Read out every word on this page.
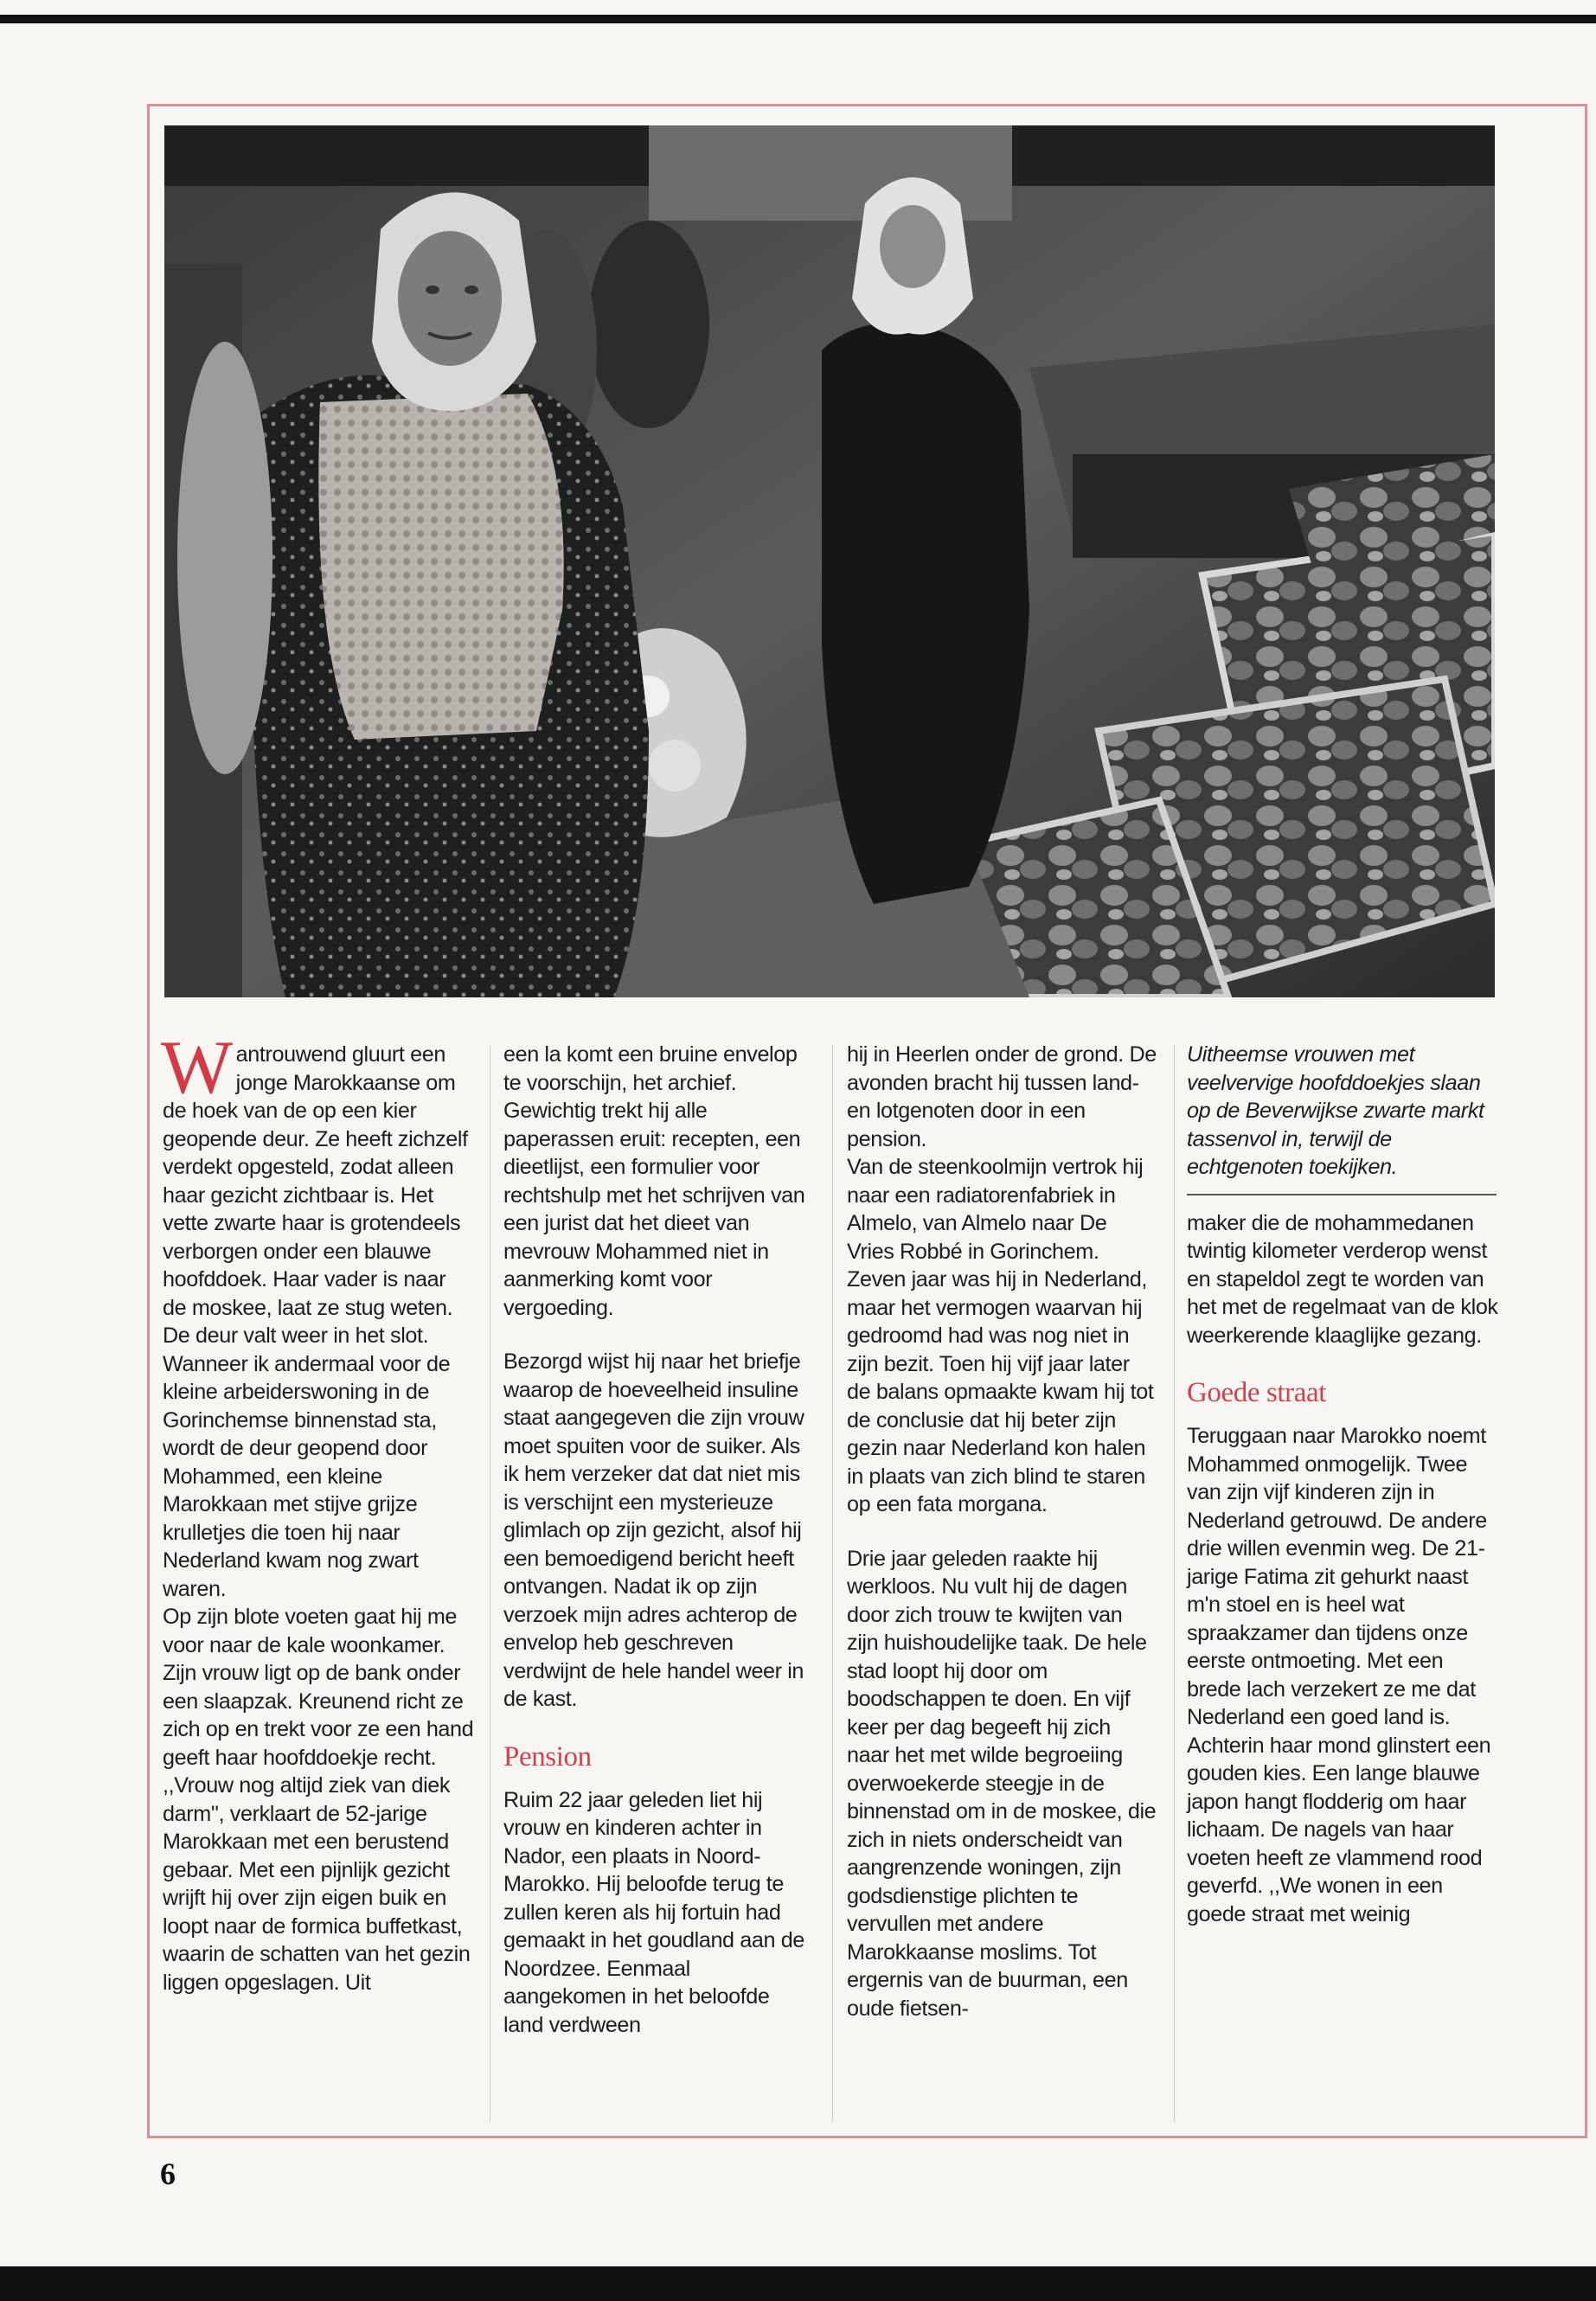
Wantrouwend gluurt een jonge Marokkaanse om de hoek van de op een kier geopende deur. Ze heeft zichzelf verdekt opgesteld, zodat alleen haar gezicht zichtbaar is. Het vette zwarte haar is grotendeels verborgen onder een blauwe hoofddoek. Haar vader is naar de moskee, laat ze stug weten. De deur valt weer in het slot.

Wanneer ik andermaal voor de kleine arbeiderswoning in de Gorinchemse binnenstad sta, wordt de deur geopend door Mohammed, een kleine Marokkaan met stijve grijze krulletjes die toen hij naar Nederland kwam nog zwart waren.

Op zijn blote voeten gaat hij me voor naar de kale woonkamer. Zijn vrouw ligt op de bank onder een slaapzak. Kreunend richt ze zich op en trekt voor ze een hand geeft haar hoofddoekje recht.

,,Vrouw nog altijd ziek van diek darm'', verklaart de 52-jarige Marokkaan met een berustend gebaar. Met een pijnlijk gezicht wrijft hij over zijn eigen buik en loopt naar de formica buffetkast, waarin de schatten van het gezin liggen opgeslagen. Uit

een la komt een bruine envelop te voorschijn, het archief. Gewichtig trekt hij alle paperassen eruit: recepten, een dieetlijst, een formulier voor rechtshulp met het schrijven van een jurist dat het dieet van mevrouw Mohammed niet in aanmerking komt voor vergoeding.

Bezorgd wijst hij naar het briefje waarop de hoeveelheid insuline staat aangegeven die zijn vrouw moet spuiten voor de suiker. Als ik hem verzeker dat dat niet mis is verschijnt een mysterieuze glimlach op zijn gezicht, alsof hij een bemoedigend bericht heeft ontvangen. Nadat ik op zijn verzoek mijn adres achterop de envelop heb geschreven verdwijnt de hele handel weer in de kast.

Pension

Ruim 22 jaar geleden liet hij vrouw en kinderen achter in Nador, een plaats in Noord-Marokko. Hij beloofde terug te zullen keren als hij fortuin had gemaakt in het goudland aan de Noordzee. Eenmaal aangekomen in het beloofde land verdween

hij in Heerlen onder de grond. De avonden bracht hij tussen land- en lotgenoten door in een pension.

Van de steenkoolmijn vertrok hij naar een radiatorenfabriek in Almelo, van Almelo naar De Vries Robbé in Gorinchem. Zeven jaar was hij in Nederland, maar het vermogen waarvan hij gedroomd had was nog niet in zijn bezit. Toen hij vijf jaar later de balans opmaakte kwam hij tot de conclusie dat hij beter zijn gezin naar Nederland kon halen in plaats van zich blind te staren op een fata morgana.

Drie jaar geleden raakte hij werkloos. Nu vult hij de dagen door zich trouw te kwijten van zijn huishoudelijke taak. De hele stad loopt hij door om boodschappen te doen. En vijf keer per dag begeeft hij zich naar het met wilde begroeiing overwoekerde steegje in de binnenstad om in de moskee, die zich in niets onderscheidt van aangrenzende woningen, zijn godsdienstige plichten te vervullen met andere Marokkaanse moslims. Tot ergernis van de buurman, een oude fietsen-

Uitheemse vrouwen met veelvervige hoofddoekjes slaan op de Beverwijkse zwarte markt tassenvol in, terwijl de echtgenoten toekijken.

maker die de mohammedanen twintig kilometer verderop wenst en stapeldol zegt te worden van het met de regelmaat van de klok weerkerende klaaglijke gezang.

Goede straat

Teruggaan naar Marokko noemt Mohammed onmogelijk. Twee van zijn vijf kinderen zijn in Nederland getrouwd. De andere drie willen evenmin weg. De 21-jarige Fatima zit gehurkt naast m'n stoel en is heel wat spraakzamer dan tijdens onze eerste ontmoeting. Met een brede lach verzekert ze me dat Nederland een goed land is. Achterin haar mond glinstert een gouden kies. Een lange blauwe japon hangt flodderig om haar lichaam. De nagels van haar voeten heeft ze vlammend rood geverfd. ,,We wonen in een goede straat met weinig

6
